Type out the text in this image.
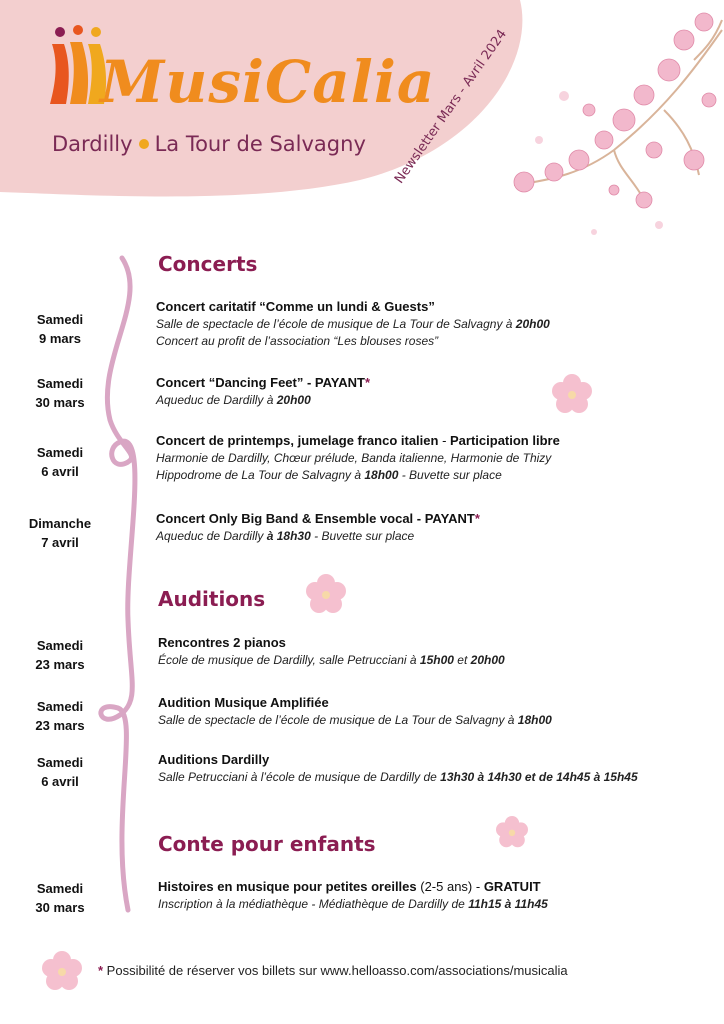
MusiCalia
Dardilly La Tour de Salvagny Newsletter Mars - Avril 2024
Concerts
Samedi
9 mars
Concert caritatif “Comme un lundi & Guests”
Salle de spectacle de l’école de musique de La Tour de Salvagny à 20h00
Concert au profit de l’association “Les blouses roses”
Samedi
30 mars
Concert “Dancing Feet” - PAYANT*
Aqueduc de Dardilly à 20h00
Samedi
6 avril
Concert de printemps, jumelage franco italien - Participation libre
Harmonie de Dardilly, Chœur prélude, Banda italienne, Harmonie de Thizy
Hippodrome de La Tour de Salvagny à 18h00 - Buvette sur place
Dimanche
7 avril
Concert Only Big Band & Ensemble vocal - PAYANT*
Aqueduc de Dardilly à 18h30 - Buvette sur place
Auditions
Samedi
23 mars
Rencontres 2 pianos
École de musique de Dardilly, salle Petrucciani à 15h00 et 20h00
Samedi
23 mars
Audition Musique Amplifiée
Salle de spectacle de l’école de musique de La Tour de Salvagny à 18h00
Samedi
6 avril
Auditions Dardilly
Salle Petrucciani à l’école de musique de Dardilly de 13h30 à 14h30 et de 14h45 à 15h45
Conte pour enfants
Samedi
30 mars
Histoires en musique pour petites oreilles (2-5 ans) - GRATUIT
Inscription à la médiathèque - Médiathèque de Dardilly de 11h15 à 11h45
* Possibilité de réserver vos billets sur www.helloasso.com/associations/musicalia
